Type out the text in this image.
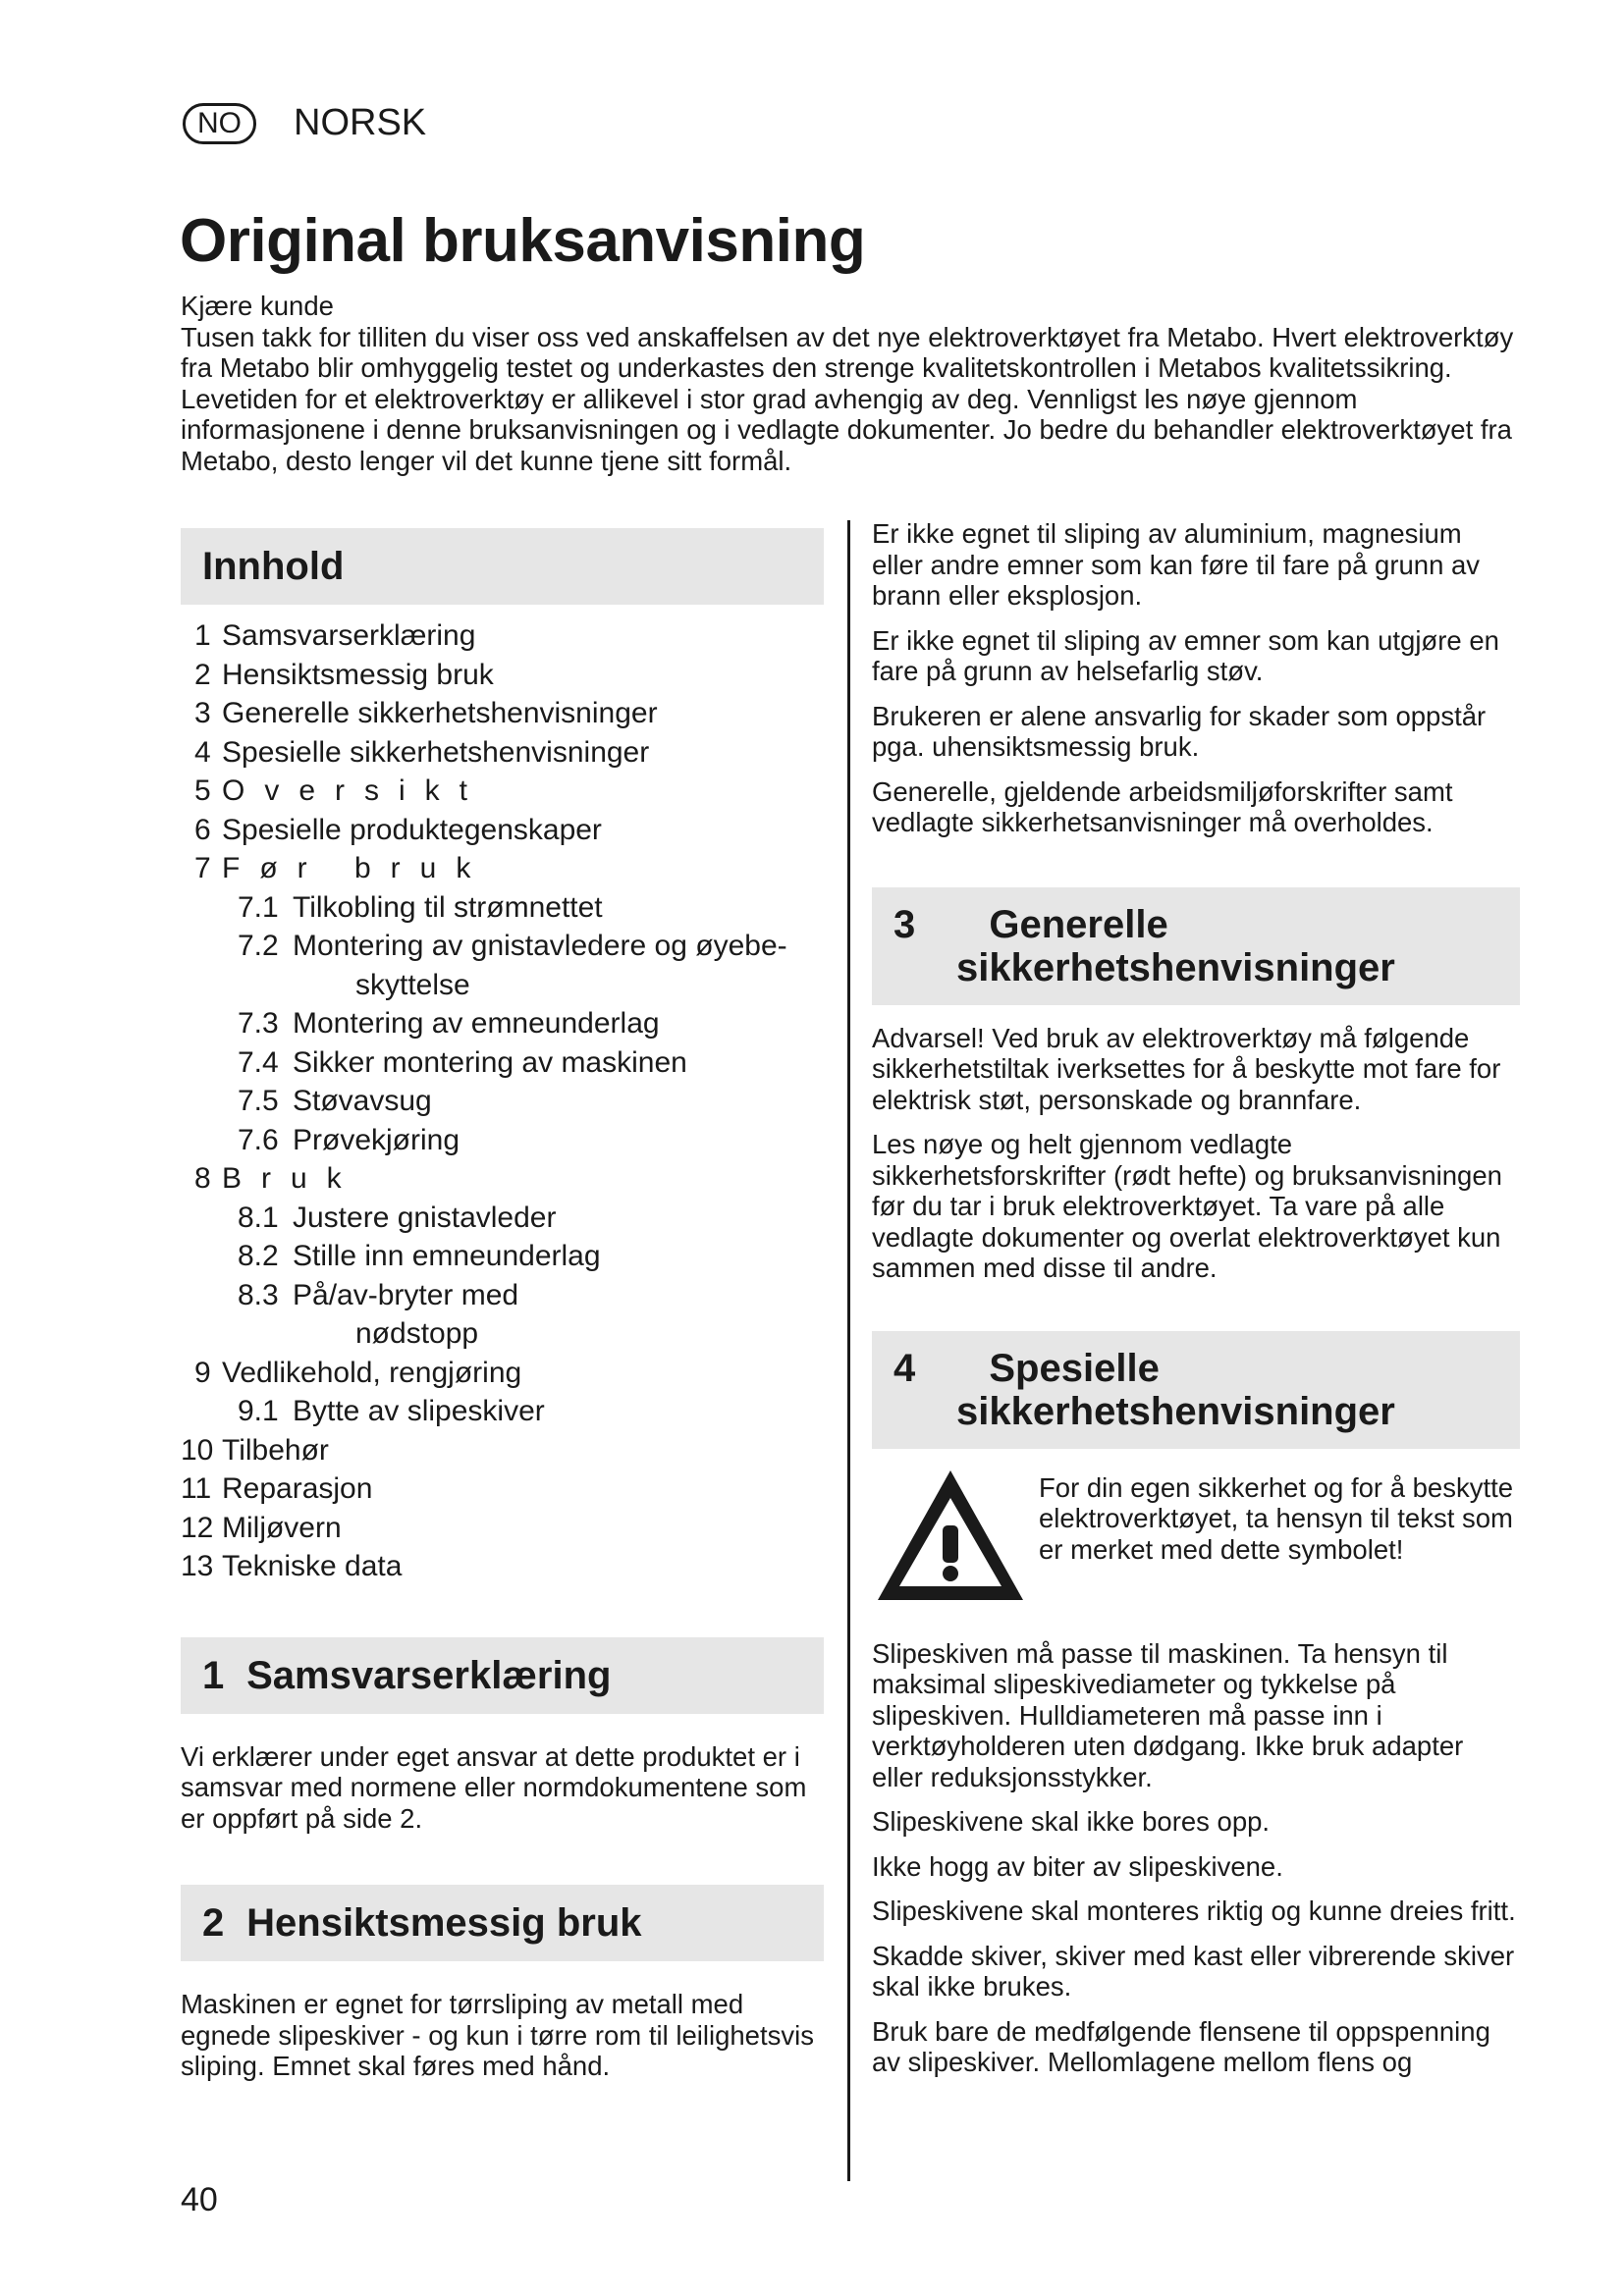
NO	NORSK
Original bruksanvisning

Kjære kunde

Tusen takk for tilliten du viser oss ved anskaffelsen av det nye elektroverktøyet fra Metabo. Hvert elektroverktøy fra Metabo blir omhyggelig testet og underkastes den strenge kvalitetskontrollen i Metabos kvalitetssikring. Levetiden for et elektroverktøy er allikevel i stor grad avhengig av deg. Vennligst les nøye gjennom informasjonene i denne bruksanvisningen og i vedlagte dokumenter. Jo bedre du behandler elektroverktøyet fra Metabo, desto lenger vil det kunne tjene sitt formål.

Innhold
1 Samsvarserklæring
2 Hensiktsmessig bruk
3 Generelle sikkerhetshenvisninger
4 Spesielle sikkerhetshenvisninger
5 Oversikt
6 Spesielle produktegenskaper
7 Før bruk
7.1 Tilkobling til strømnettet
7.2 Montering av gnistavledere og øyebe-
skyttelse
7.3 Montering av emneunderlag
7.4 Sikker montering av maskinen
7.5 Støvavsug
7.6 Prøvekjøring
8 Bruk
8.1 Justere gnistavleder
8.2 Stille inn emneunderlag
8.3 På/av-bryter med
nødstopp
9 Vedlikehold, rengjøring
9.1 Bytte av slipeskiver
10 Tilbehør
11 Reparasjon
12 Miljøvern
13 Tekniske data
1
Samsvarserklæring

Vi erklærer under eget ansvar at dette produktet er i samsvar med normene eller normdokumentene som er oppført på side 2.

2
Hensiktsmessig bruk

Maskinen er egnet for tørrsliping av metall med egnede slipeskiver - og kun i tørre rom til leilighetsvis sliping. Emnet skal føres med hånd.

Er ikke egnet til sliping av aluminium, magnesium eller andre emner som kan føre til fare på grunn av brann eller eksplosjon.

Er ikke egnet til sliping av emner som kan utgjøre en fare på grunn av helsefarlig støv.

Brukeren er alene ansvarlig for skader som oppstår pga. uhensiktsmessig bruk.

Generelle, gjeldende arbeidsmiljøforskrifter samt vedlagte sikkerhetsanvisninger må overholdes.

3 Generelle
sikkerhetshenvisninger

Advarsel! Ved bruk av elektroverktøy må følgende sikkerhetstiltak iverksettes for å beskytte mot fare for elektrisk støt, personskade og brannfare.

Les nøye og helt gjennom vedlagte sikkerhetsforskrifter (rødt hefte) og bruksanvisningen før du tar i bruk elektroverktøyet. Ta vare på alle vedlagte dokumenter og overlat elektroverktøyet kun sammen med disse til andre.

4 Spesielle
sikkerhetshenvisninger

For din egen sikkerhet og for å beskytte elektroverktøyet, ta hensyn til tekst som er merket med dette symbolet!

Slipeskiven må passe til maskinen. Ta hensyn til maksimal slipeskivediameter og tykkelse på slipeskiven. Hulldiameteren må passe inn i verktøyholderen uten dødgang. Ikke bruk adapter eller reduksjonsstykker.

Slipeskivene skal ikke bores opp.

Ikke hogg av biter av slipeskivene.

Slipeskivene skal monteres riktig og kunne dreies fritt.

Skadde skiver, skiver med kast eller vibrerende skiver skal ikke brukes.

Bruk bare de medfølgende flensene til oppspenning av slipeskiver. Mellomlagene mellom flens og

40
